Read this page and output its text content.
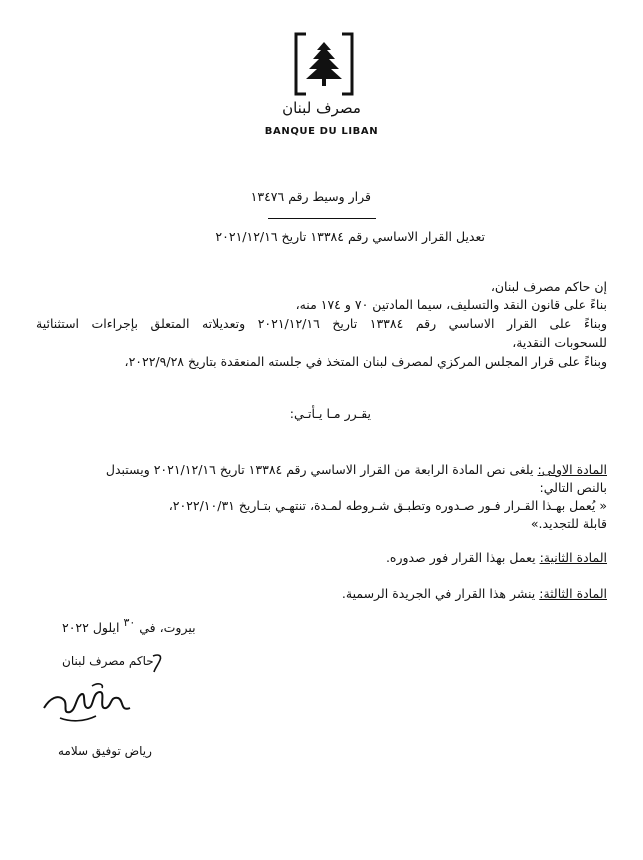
مصرف لبنان
BANQUE DU LIBAN
قرار وسيط رقم ١٣٤٧٦
تعديل القرار الاساسي رقم ١٣٣٨٤ تاريخ ٢٠٢١/١٢/١٦
إن حاكم مصرف لبنان،
بناءً على قانون النقد والتسليف، سيما المادتين ٧٠ و ١٧٤ منه،
وبناءً على القرار الاساسي رقم ١٣٣٨٤ تاريخ ٢٠٢١/١٢/١٦ وتعديلاته المتعلق بإجراءات استثنائية
للسحوبات النقدية،
وبناءً على قرار المجلس المركزي لمصرف لبنان المتخذ في جلسته المنعقدة بتاريخ ٢٠٢٢/٩/٢٨،
يقـرر مـا يـأتـي:
المادة الاولى: يلغى نص المادة الرابعة من القرار الاساسي رقم ١٣٣٨٤ تاريخ ٢٠٢١/١٢/١٦ ويستبدل
بالنص التالي:
« يُعمل بهـذا القـرار فـور صـدوره وتطبـق شـروطه لمـدة، تنتهـي بتـاريخ ٢٠٢٢/١٠/٣١،
قابلة للتجديد.»
المادة الثانية: يعمل بهذا القرار فور صدوره.
المادة الثالثة: ينشر هذا القرار في الجريدة الرسمية.
بيروت، في ٣٠ ايلول ٢٠٢٢
حاكم مصرف لبنان
رياض توفيق سلامه
